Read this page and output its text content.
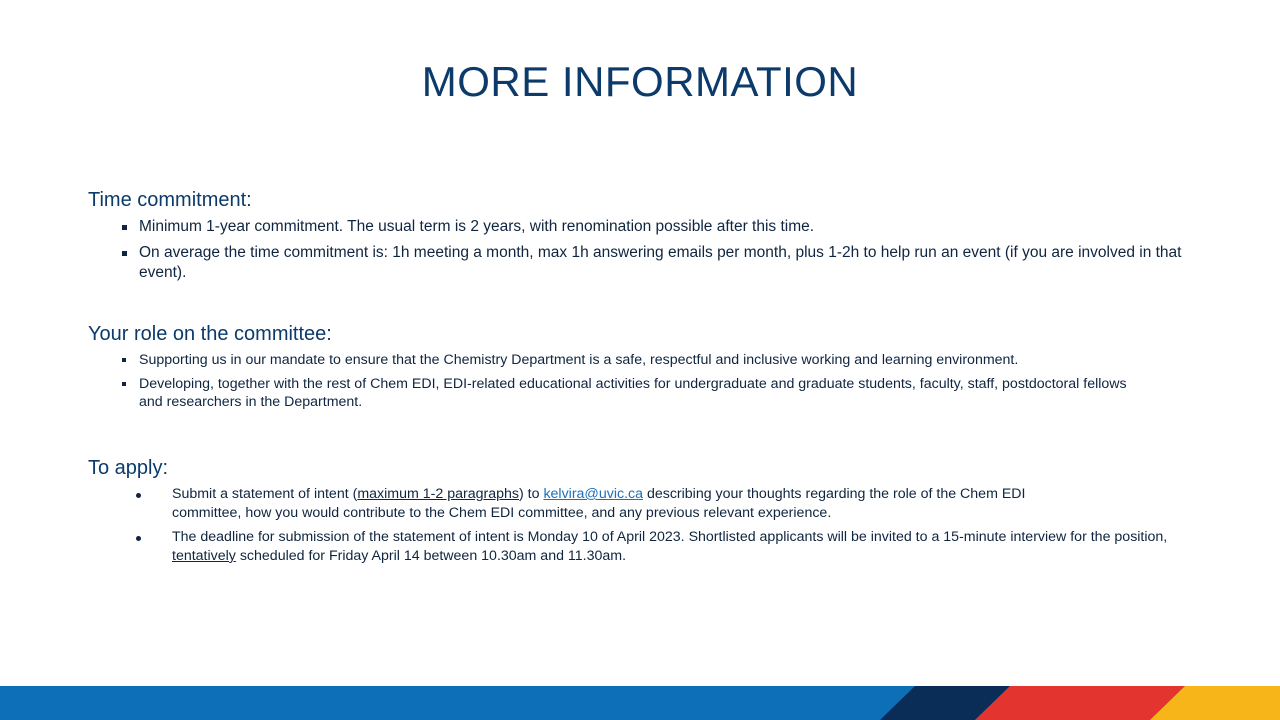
MORE INFORMATION
Time commitment:
Minimum 1-year commitment. The usual term is 2 years, with renomination possible after this time.
On average the time commitment is: 1h meeting a month, max 1h answering emails per month, plus 1-2h to help run an event (if you are involved in that event).
Your role on the committee:
Supporting us in our mandate to ensure that the Chemistry Department is a safe, respectful and inclusive working and learning environment.
Developing, together with the rest of Chem EDI, EDI-related educational activities for undergraduate and graduate students, faculty, staff, postdoctoral fellows and researchers in the Department.
To apply:
Submit a statement of intent (maximum 1-2 paragraphs) to kelvira@uvic.ca describing your thoughts regarding the role of the Chem EDI committee, how you would contribute to the Chem EDI committee, and any previous relevant experience.
The deadline for submission of the statement of intent is Monday 10 of April 2023. Shortlisted applicants will be invited to a 15-minute interview for the position, tentatively scheduled for Friday April 14 between 10.30am and 11.30am.
